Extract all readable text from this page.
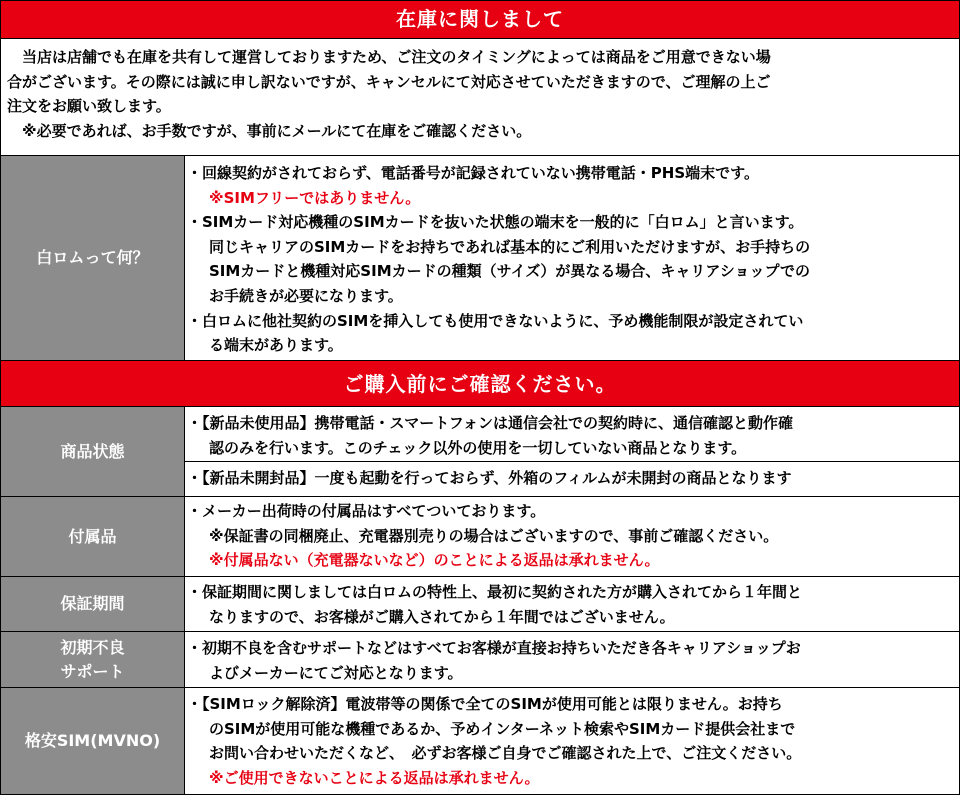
在庫に関しまして
　当店は店舗でも在庫を共有して運営しておりますため、ご注文のタイミングによっては商品をご用意できない場
合がございます。その際には誠に申し訳ないですが、キャンセルにて対応させていただきますので、ご理解の上ご
注文をお願い致します。
　※必要であれば、お手数ですが、事前にメールにて在庫をご確認ください。
白ロムって何？
・回線契約がされておらず、電話番号が記録されていない携帯電話・PHS端末です。
※SIMフリーではありません。
・SIMカード対応機種のSIMカードを抜いた状態の端末を一般的に「白ロム」と言います。
同じキャリアのSIMカードをお持ちであれば基本的にご利用いただけますが、お手持ちの
SIMカードと機種対応SIMカードの種類（サイズ）が異なる場合、キャリアショップでの
お手続きが必要になります。
・白ロムに他社契約のSIMを挿入しても使用できないように、予め機能制限が設定されてい
る端末があります。
ご購入前にご確認ください。
商品状態
・【新品未使用品】携帯電話・スマートフォンは通信会社での契約時に、通信確認と動作確
認のみを行います。このチェック以外の使用を一切していない商品となります。
・【新品未開封品】一度も起動を行っておらず、外箱のフィルムが未開封の商品となります
付属品
・メーカー出荷時の付属品はすべてついております。
※保証書の同梱廃止、充電器別売りの場合はございますので、事前ご確認ください。
※付属品ない（充電器ないなど）のことによる返品は承れません。
保証期間
・保証期間に関しましては白ロムの特性上、最初に契約された方が購入されてから１年間と
なりますので、お客様がご購入されてから１年間ではございません。
初期不良
サポート
・初期不良を含むサポートなどはすべてお客様が直接お持ちいただき各キャリアショップお
よびメーカーにてご対応となります。
格安SIM(MVNO)
・【SIMロック解除済】電波帯等の関係で全てのSIMが使用可能とは限りません。お持ち
のSIMが使用可能な機種であるか、予めインターネット検索やSIMカード提供会社まで
お問い合わせいただくなど、　必ずお客様ご自身でご確認された上で、ご注文ください。
※ご使用できないことによる返品は承れません。
